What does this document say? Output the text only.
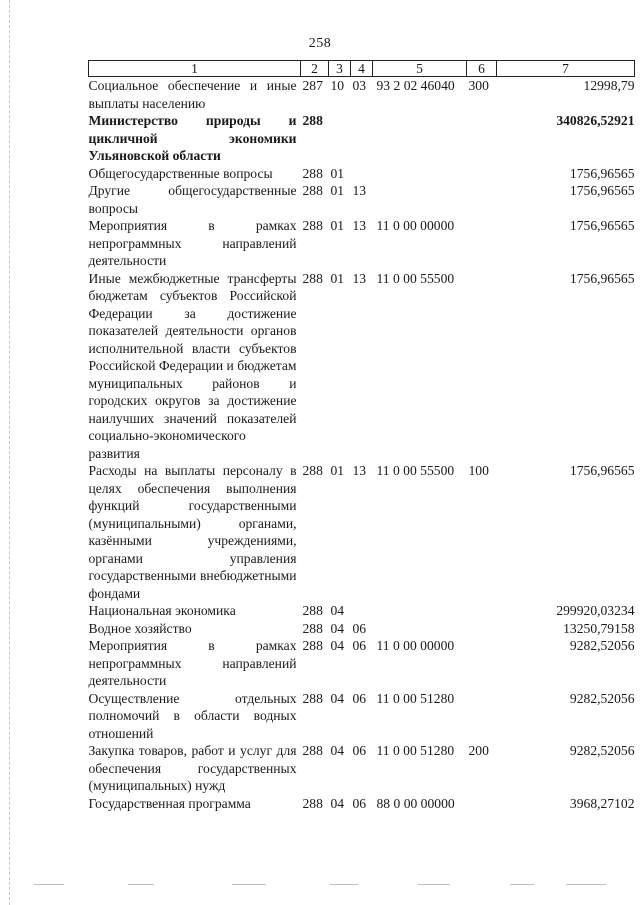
258
1	2	3	4	5	6	7
Социальное обеспечение и иные выплаты населению	287	10	03	93 2 02 46040	300	12998,79
Министерство природы и цикличной экономики Ульяновской области	288					340826,52921
Общегосударственные вопросы	288	01				1756,96565
Другие общегосударственные вопросы	288	01	13			1756,96565
Мероприятия в рамках непрограммных направлений деятельности	288	01	13	11 0 00 00000		1756,96565
Иные межбюджетные трансферты бюджетам субъектов Российской Федерации за достижение показателей деятельности органов исполнительной власти субъектов Российской Федерации и бюджетам муниципальных районов и городских округов за достижение наилучших значений показателей социально-экономического развития	288	01	13	11 0 00 55500		1756,96565
Расходы на выплаты персоналу в целях обеспечения выполнения функций государственными (муниципальными) органами, казёнными учреждениями, органами управления государственными внебюджетными фондами	288	01	13	11 0 00 55500	100	1756,96565
Национальная экономика	288	04				299920,03234
Водное хозяйство	288	04	06			13250,79158
Мероприятия в рамках непрограммных направлений деятельности	288	04	06	11 0 00 00000		9282,52056
Осуществление отдельных полномочий в области водных отношений	288	04	06	11 0 00 51280		9282,52056
Закупка товаров, работ и услуг для обеспечения государственных (муниципальных) нужд	288	04	06	11 0 00 51280	200	9282,52056
Государственная программа	288	04	06	88 0 00 00000		3968,27102
